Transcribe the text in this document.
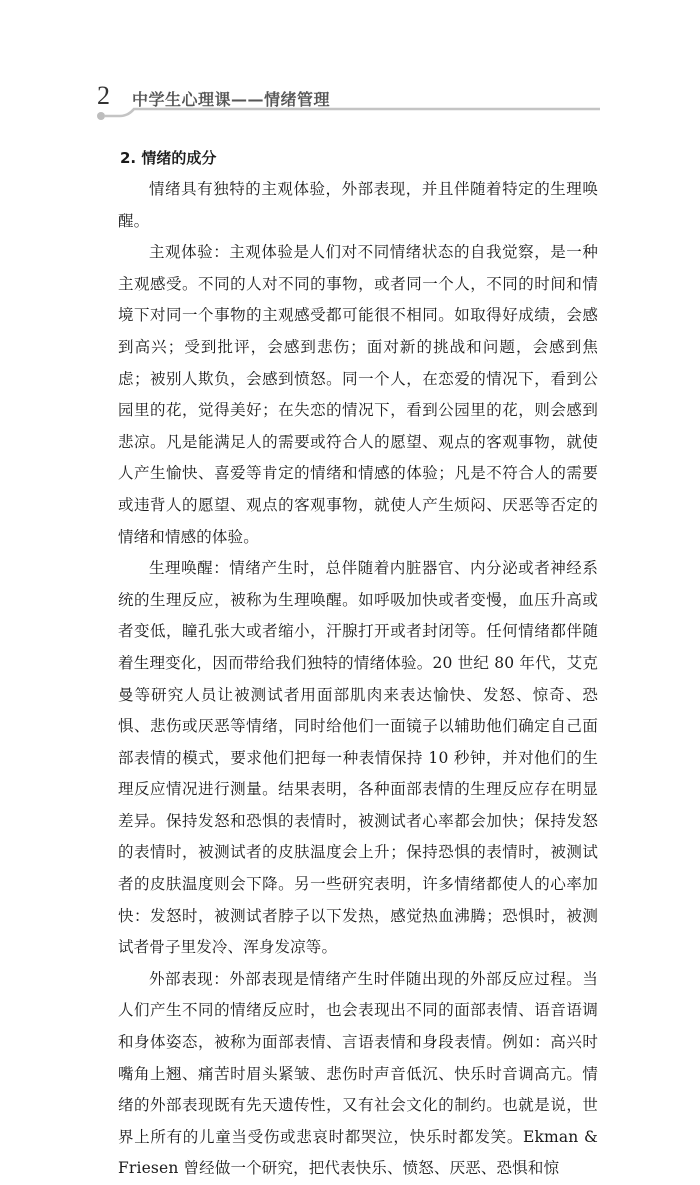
2 中学生心理课——情绪管理
2. 情绪的成分

情绪具有独特的主观体验，外部表现，并且伴随着特定的生理唤醒。

主观体验：主观体验是人们对不同情绪状态的自我觉察，是一种主观感受。不同的人对不同的事物，或者同一个人，不同的时间和情境下对同一个事物的主观感受都可能很不相同。如取得好成绩，会感到高兴；受到批评，会感到悲伤；面对新的挑战和问题，会感到焦虑；被别人欺负，会感到愤怒。同一个人，在恋爱的情况下，看到公园里的花，觉得美好；在失恋的情况下，看到公园里的花，则会感到悲凉。凡是能满足人的需要或符合人的愿望、观点的客观事物，就使人产生愉快、喜爱等肯定的情绪和情感的体验；凡是不符合人的需要或违背人的愿望、观点的客观事物，就使人产生烦闷、厌恶等否定的情绪和情感的体验。

生理唤醒：情绪产生时，总伴随着内脏器官、内分泌或者神经系统的生理反应，被称为生理唤醒。如呼吸加快或者变慢，血压升高或者变低，瞳孔张大或者缩小，汗腺打开或者封闭等。任何情绪都伴随着生理变化，因而带给我们独特的情绪体验。20 世纪 80 年代，艾克曼等研究人员让被测试者用面部肌肉来表达愉快、发怒、惊奇、恐惧、悲伤或厌恶等情绪，同时给他们一面镜子以辅助他们确定自己面部表情的模式，要求他们把每一种表情保持 10 秒钟，并对他们的生理反应情况进行测量。结果表明，各种面部表情的生理反应存在明显差异。保持发怒和恐惧的表情时，被测试者心率都会加快；保持发怒的表情时，被测试者的皮肤温度会上升；保持恐惧的表情时，被测试者的皮肤温度则会下降。另一些研究表明，许多情绪都使人的心率加快：发怒时，被测试者脖子以下发热，感觉热血沸腾；恐惧时，被测试者骨子里发冷、浑身发凉等。

外部表现：外部表现是情绪产生时伴随出现的外部反应过程。当人们产生不同的情绪反应时，也会表现出不同的面部表情、语音语调和身体姿态，被称为面部表情、言语表情和身段表情。例如：高兴时嘴角上翘、痛苦时眉头紧皱、悲伤时声音低沉、快乐时音调高亢。情绪的外部表现既有先天遗传性，又有社会文化的制约。也就是说，世界上所有的儿童当受伤或悲哀时都哭泣，快乐时都发笑。Ekman & Friesen 曾经做一个研究，把代表快乐、愤怒、厌恶、恐惧和惊
